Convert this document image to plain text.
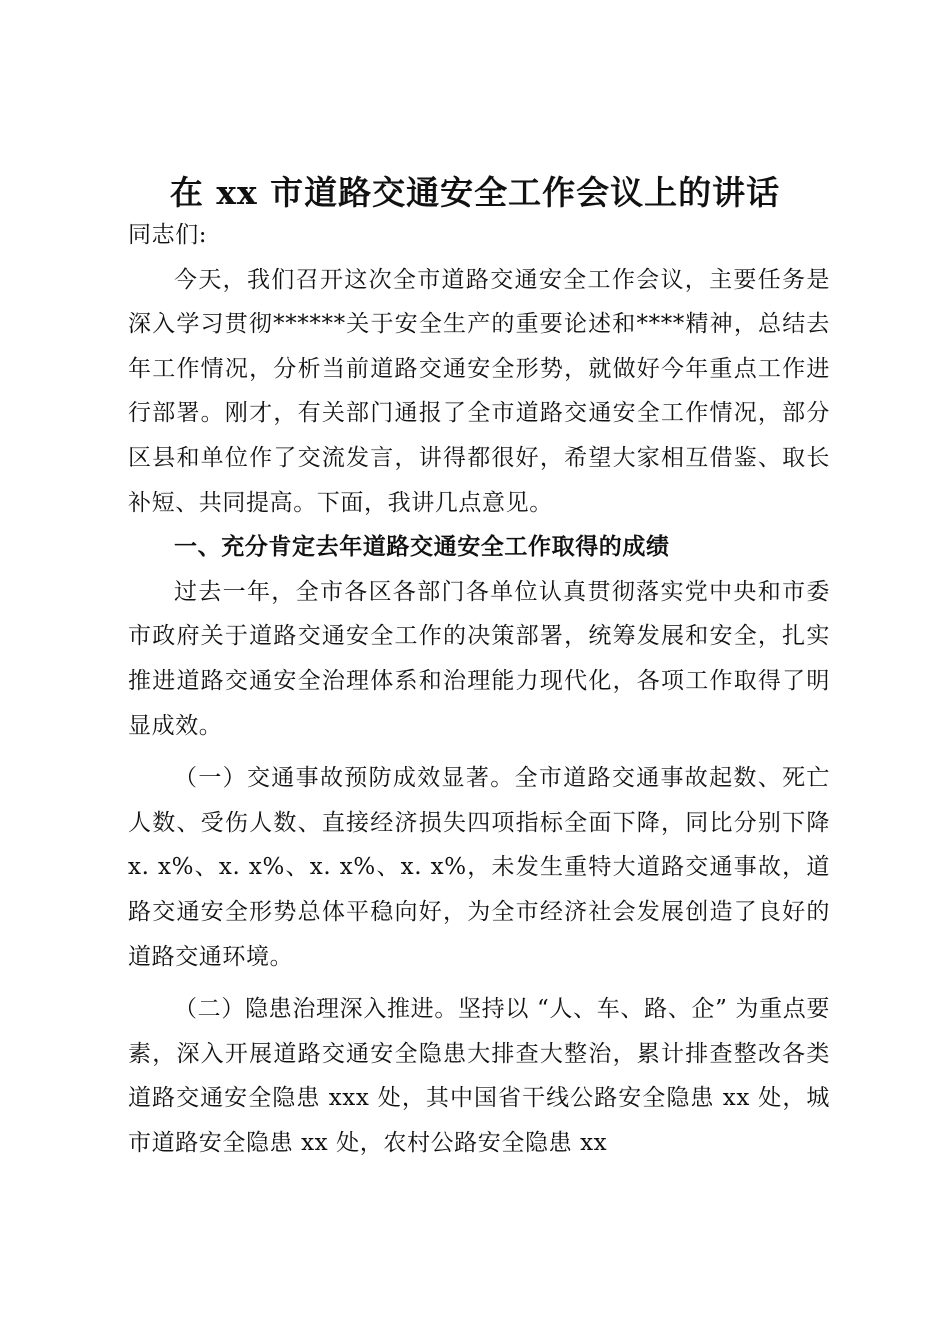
在 xx 市道路交通安全工作会议上的讲话

同志们:

今天，我们召开这次全市道路交通安全工作会议，主要任务是深入学习贯彻******关于安全生产的重要论述和****精神，总结去年工作情况，分析当前道路交通安全形势，就做好今年重点工作进行部署。刚才，有关部门通报了全市道路交通安全工作情况，部分区县和单位作了交流发言，讲得都很好，希望大家相互借鉴、取长补短、共同提高。下面，我讲几点意见。

一、充分肯定去年道路交通安全工作取得的成绩

过去一年，全市各区各部门各单位认真贯彻落实党中央和市委市政府关于道路交通安全工作的决策部署，统筹发展和安全，扎实推进道路交通安全治理体系和治理能力现代化，各项工作取得了明显成效。

（一）交通事故预防成效显著。全市道路交通事故起数、死亡人数、受伤人数、直接经济损失四项指标全面下降，同比分别下降 x. x%、x. x%、x. x%、x. x%，未发生重特大道路交通事故，道路交通安全形势总体平稳向好，为全市经济社会发展创造了良好的道路交通环境。

（二）隐患治理深入推进。坚持以 “人、车、路、企” 为重点要素，深入开展道路交通安全隐患大排查大整治，累计排查整改各类道路交通安全隐患 xxx 处，其中国省干线公路安全隐患 xx 处，城市道路安全隐患 xx 处，农村公路安全隐患 xx
